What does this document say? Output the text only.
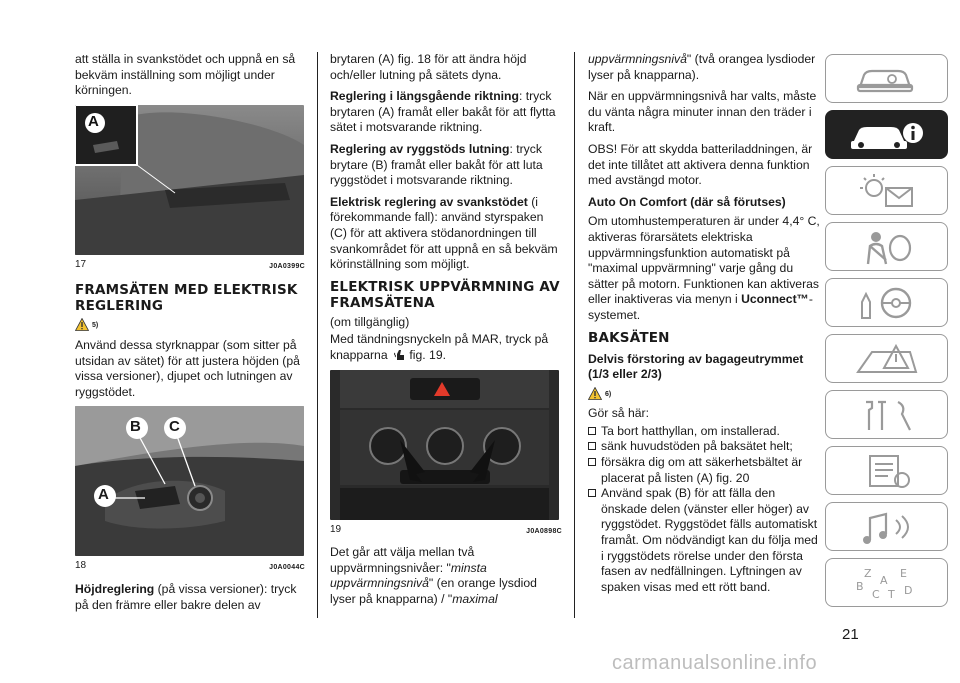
att ställa in svankstödet och uppnå en så bekväm inställning som möjligt under körningen.

A
17	J0A0399C
FRAMSÄTEN MED ELEKTRISK REGLERING
5)

Använd dessa styrknappar (som sitter på utsidan av sätet) för att justera höjden (på vissa versioner), djupet och lutningen av ryggstödet.

B C
A
18	J0A0044C

Höjdreglering (på vissa versioner): tryck på den främre eller bakre delen av

brytaren (A) fig. 18 för att ändra höjd och/eller lutning på sätets dyna.

Reglering i längsgående riktning: tryck brytaren (A) framåt eller bakåt för att flytta sätet i motsvarande riktning.

Reglering av ryggstöds lutning: tryck brytare (B) framåt eller bakåt för att luta ryggstödet i motsvarande riktning.

Elektrisk reglering av svankstödet (i förekommande fall): använd styrspaken (C) för att aktivera stödanordningen till svankområdet för att uppnå en så bekväm körinställning som möjligt.

ELEKTRISK UPPVÄRMNING AV FRAMSÄTENA

(om tillgänglig)

Med tändningsnyckeln på MAR, tryck på knapparna  fig. 19.

19	J0A0898C

Det går att välja mellan två uppvärmningsnivåer: "minsta uppvärmningsnivå" (en orange lysdiod lyser på knapparna) / "maximal

uppvärmningsnivå" (två orangea lysdioder lyser på knapparna).

När en uppvärmningsnivå har valts, måste du vänta några minuter innan den träder i kraft.

OBS! För att skydda batteriladdningen, är det inte tillåtet att aktivera denna funktion med avstängd motor.

Auto On Comfort (där så förutses)

Om utomhustemperaturen är under 4,4° C, aktiveras förarsätets elektriska uppvärmningsfunktion automatiskt på "maximal uppvärmning" varje gång du sätter på motorn. Funktionen kan aktiveras eller inaktiveras via menyn i Uconnect™-systemet.

BAKSÄTEN
Delvis förstoring av bagageutrymmet (1/3 eller 2/3)
6)

Gör så här:

Ta bort hatthyllan, om installerad.
sänk huvudstöden på baksätet helt;
försäkra dig om att säkerhetsbältet är placerat på listen (A) fig. 20
Använd spak (B) för att fälla den önskade delen (vänster eller höger) av ryggstödet. Ryggstödet fälls automatiskt framåt. Om nödvändigt kan du följa med i ryggstödets rörelse under den första fasen av nedfällningen. Lyftningen av spaken visas med ett rött band.
Z	E
B A
C D
T
21
carmanualsonline.info
